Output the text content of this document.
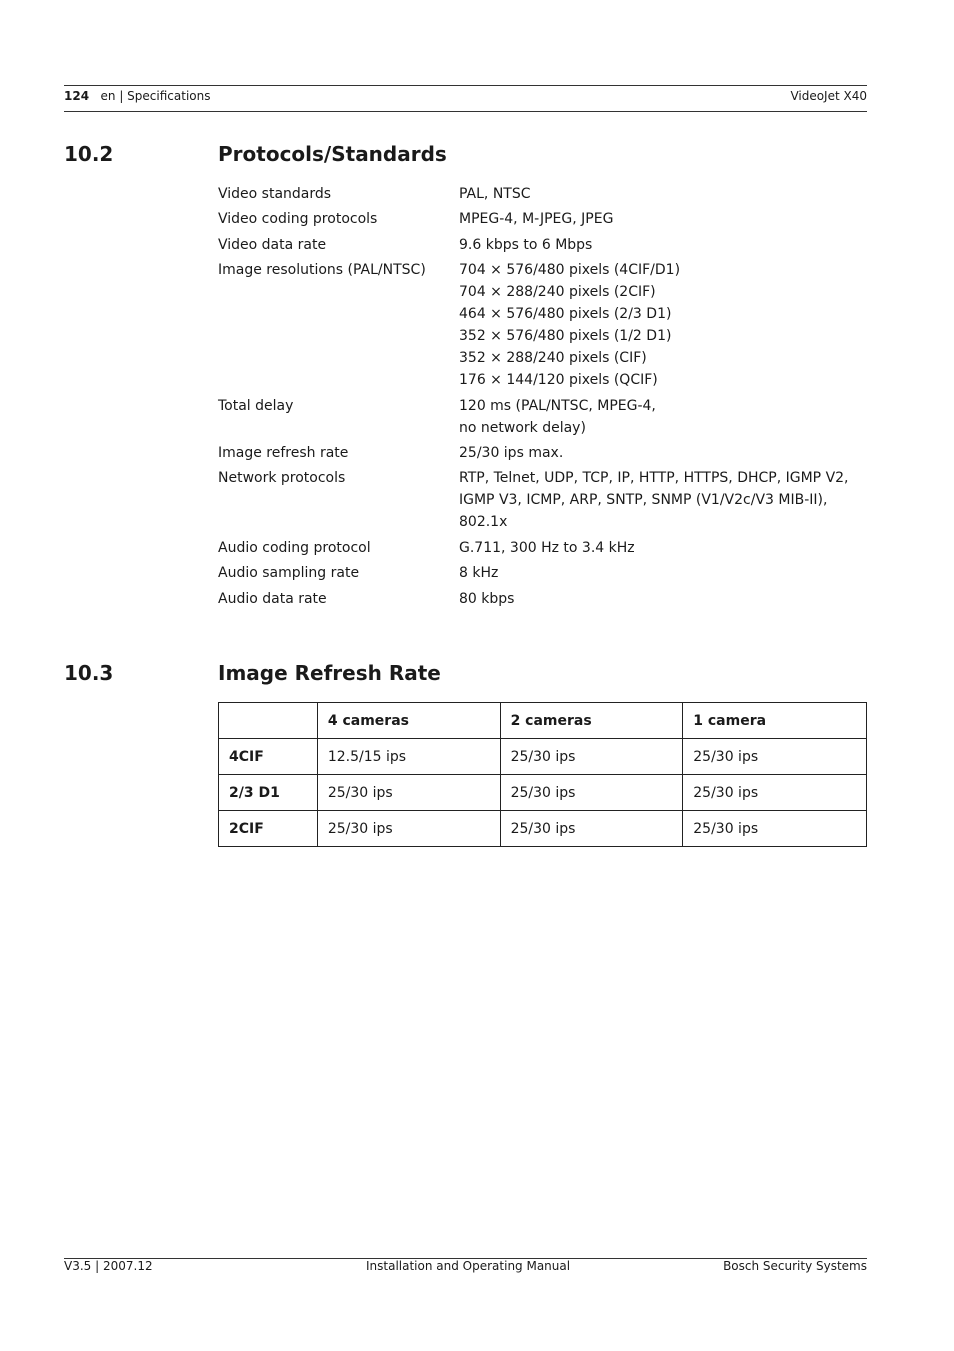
124 en | Specifications	VideoJet X40
10.2	Protocols/Standards
Video standards	PAL, NTSC
Video coding protocols	MPEG-4, M-JPEG, JPEG
Video data rate	9.6 kbps to 6 Mbps
Image resolutions (PAL/NTSC)	704 × 576/480 pixels (4CIF/D1)
704 × 288/240 pixels (2CIF)
464 × 576/480 pixels (2/3 D1)
352 × 576/480 pixels (1/2 D1)
352 × 288/240 pixels (CIF)
176 × 144/120 pixels (QCIF)
Total delay	120 ms (PAL/NTSC, MPEG-4,
no network delay)
Image refresh rate	25/30 ips max.
Network protocols	RTP, Telnet, UDP, TCP, IP, HTTP, HTTPS, DHCP, IGMP V2,
IGMP V3, ICMP, ARP, SNTP, SNMP (V1/V2c/V3 MIB-II),
802.1x
Audio coding protocol	G.711, 300 Hz to 3.4 kHz
Audio sampling rate	8 kHz
Audio data rate	80 kbps
10.3	Image Refresh Rate
	4 cameras	2 cameras	1 camera
4CIF	12.5/15 ips	25/30 ips	25/30 ips
2/3 D1	25/30 ips	25/30 ips	25/30 ips
2CIF	25/30 ips	25/30 ips	25/30 ips
V3.5 | 2007.12	Installation and Operating Manual	Bosch Security Systems
